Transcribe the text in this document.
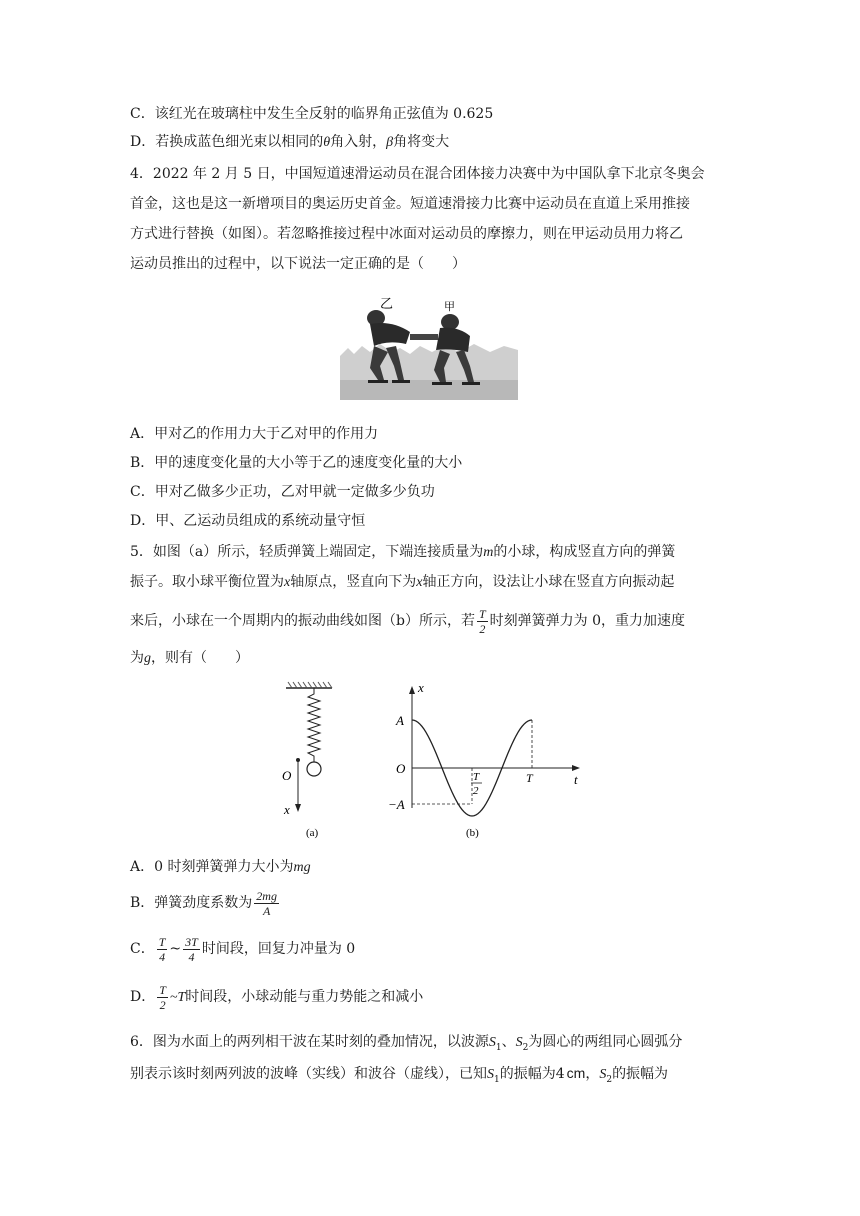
C．该红光在玻璃柱中发生全反射的临界角正弦值为 0.625
D．若换成蓝色细光束以相同的θ角入射，β角将变大
4．2022 年 2 月 5 日，中国短道速滑运动员在混合团体接力决赛中为中国队拿下北京冬奥会
首金，这也是这一新增项目的奥运历史首金。短道速滑接力比赛中运动员在直道上采用推接
方式进行替换（如图）。若忽略推接过程中冰面对运动员的摩擦力，则在甲运动员用力将乙
运动员推出的过程中，以下说法一定正确的是（　　）
乙	甲
A．甲对乙的作用力大于乙对甲的作用力
B．甲的速度变化量的大小等于乙的速度变化量的大小
C．甲对乙做多少正功，乙对甲就一定做多少负功
D．甲、乙运动员组成的系统动量守恒
5．如图（a）所示，轻质弹簧上端固定，下端连接质量为m的小球，构成竖直方向的弹簧
振子。取小球平衡位置为x轴原点，竖直向下为x轴正方向，设法让小球在竖直方向振动起
来后，小球在一个周期内的振动曲线如图（b）所示，若 $\frac{T}{2}$ 时刻弹簧弹力为 0，重力加速度
为g，则有（　　）
O
x
(a)
x
t
A
O
−A
T
2
T
(b)
A．0 时刻弹簧弹力大小为mg
B．弹簧劲度系数为 $\frac{2mg}{A}$
C． $\frac{T}{4}$ ~ $\frac{3T}{4}$ 时间段，回复力冲量为 0
D． $\frac{T}{2}$ ~T时间段，小球动能与重力势能之和减小
6．图为水面上的两列相干波在某时刻的叠加情况，以波源$S_1$、$S_2$为圆心的两组同心圆弧分
别表示该时刻两列波的波峰（实线）和波谷（虚线），已知$S_1$的振幅为4 cm，$S_2$的振幅为
